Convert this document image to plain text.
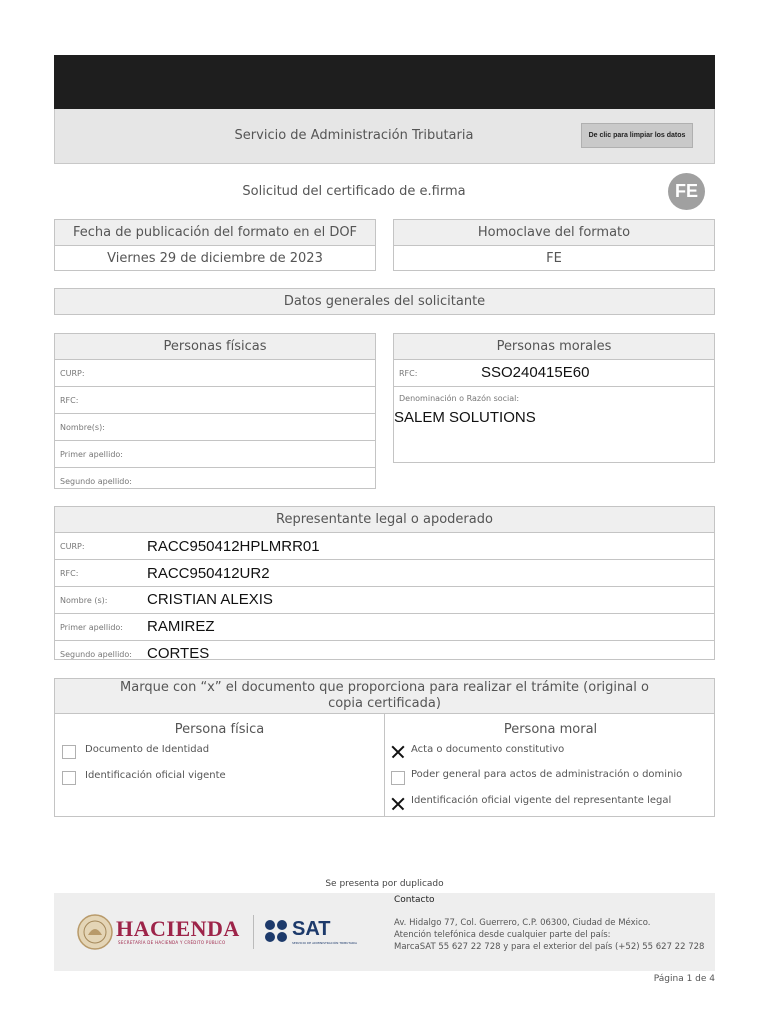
Servicio de Administración Tributaria	De clic para limpiar los datos
Solicitud del certificado de e.firma	FE
Fecha de publicación del formato en el DOF
Viernes 29 de diciembre de 2023
Homoclave del formato
FE
Datos generales del solicitante
Personas físicas
CURP:
RFC:
Nombre(s):
Primer apellido:
Segundo apellido:
Personas morales
RFC:	SSO240415E60
Denominación o Razón social:
SALEM SOLUTIONS
Representante legal o apoderado
CURP:	RACC950412HPLMRR01
RFC:	RACC950412UR2
Nombre (s):	CRISTIAN ALEXIS
Primer apellido: RAMIREZ
Segundo apellido: CORTES
Marque con “x” el documento que proporciona para realizar el trámite (original o
copia certificada)
Persona física	Persona moral
Documento de Identidad
Identificación oficial vigente
Acta o documento constitutivo
Poder general para actos de administración o dominio
Identificación oficial vigente del representante legal
Se presenta por duplicado
HACIENDA
SECRETARÍA DE HACIENDA Y CRÉDITO PÚBLICO
SAT
SERVICIO DE ADMINISTRACIÓN TRIBUTARIA
Contacto
Av. Hidalgo 77, Col. Guerrero, C.P. 06300, Ciudad de México.
Atención telefónica desde cualquier parte del país:
MarcaSAT 55 627 22 728 y para el exterior del país (+52) 55 627 22 728
Página 1 de 4
